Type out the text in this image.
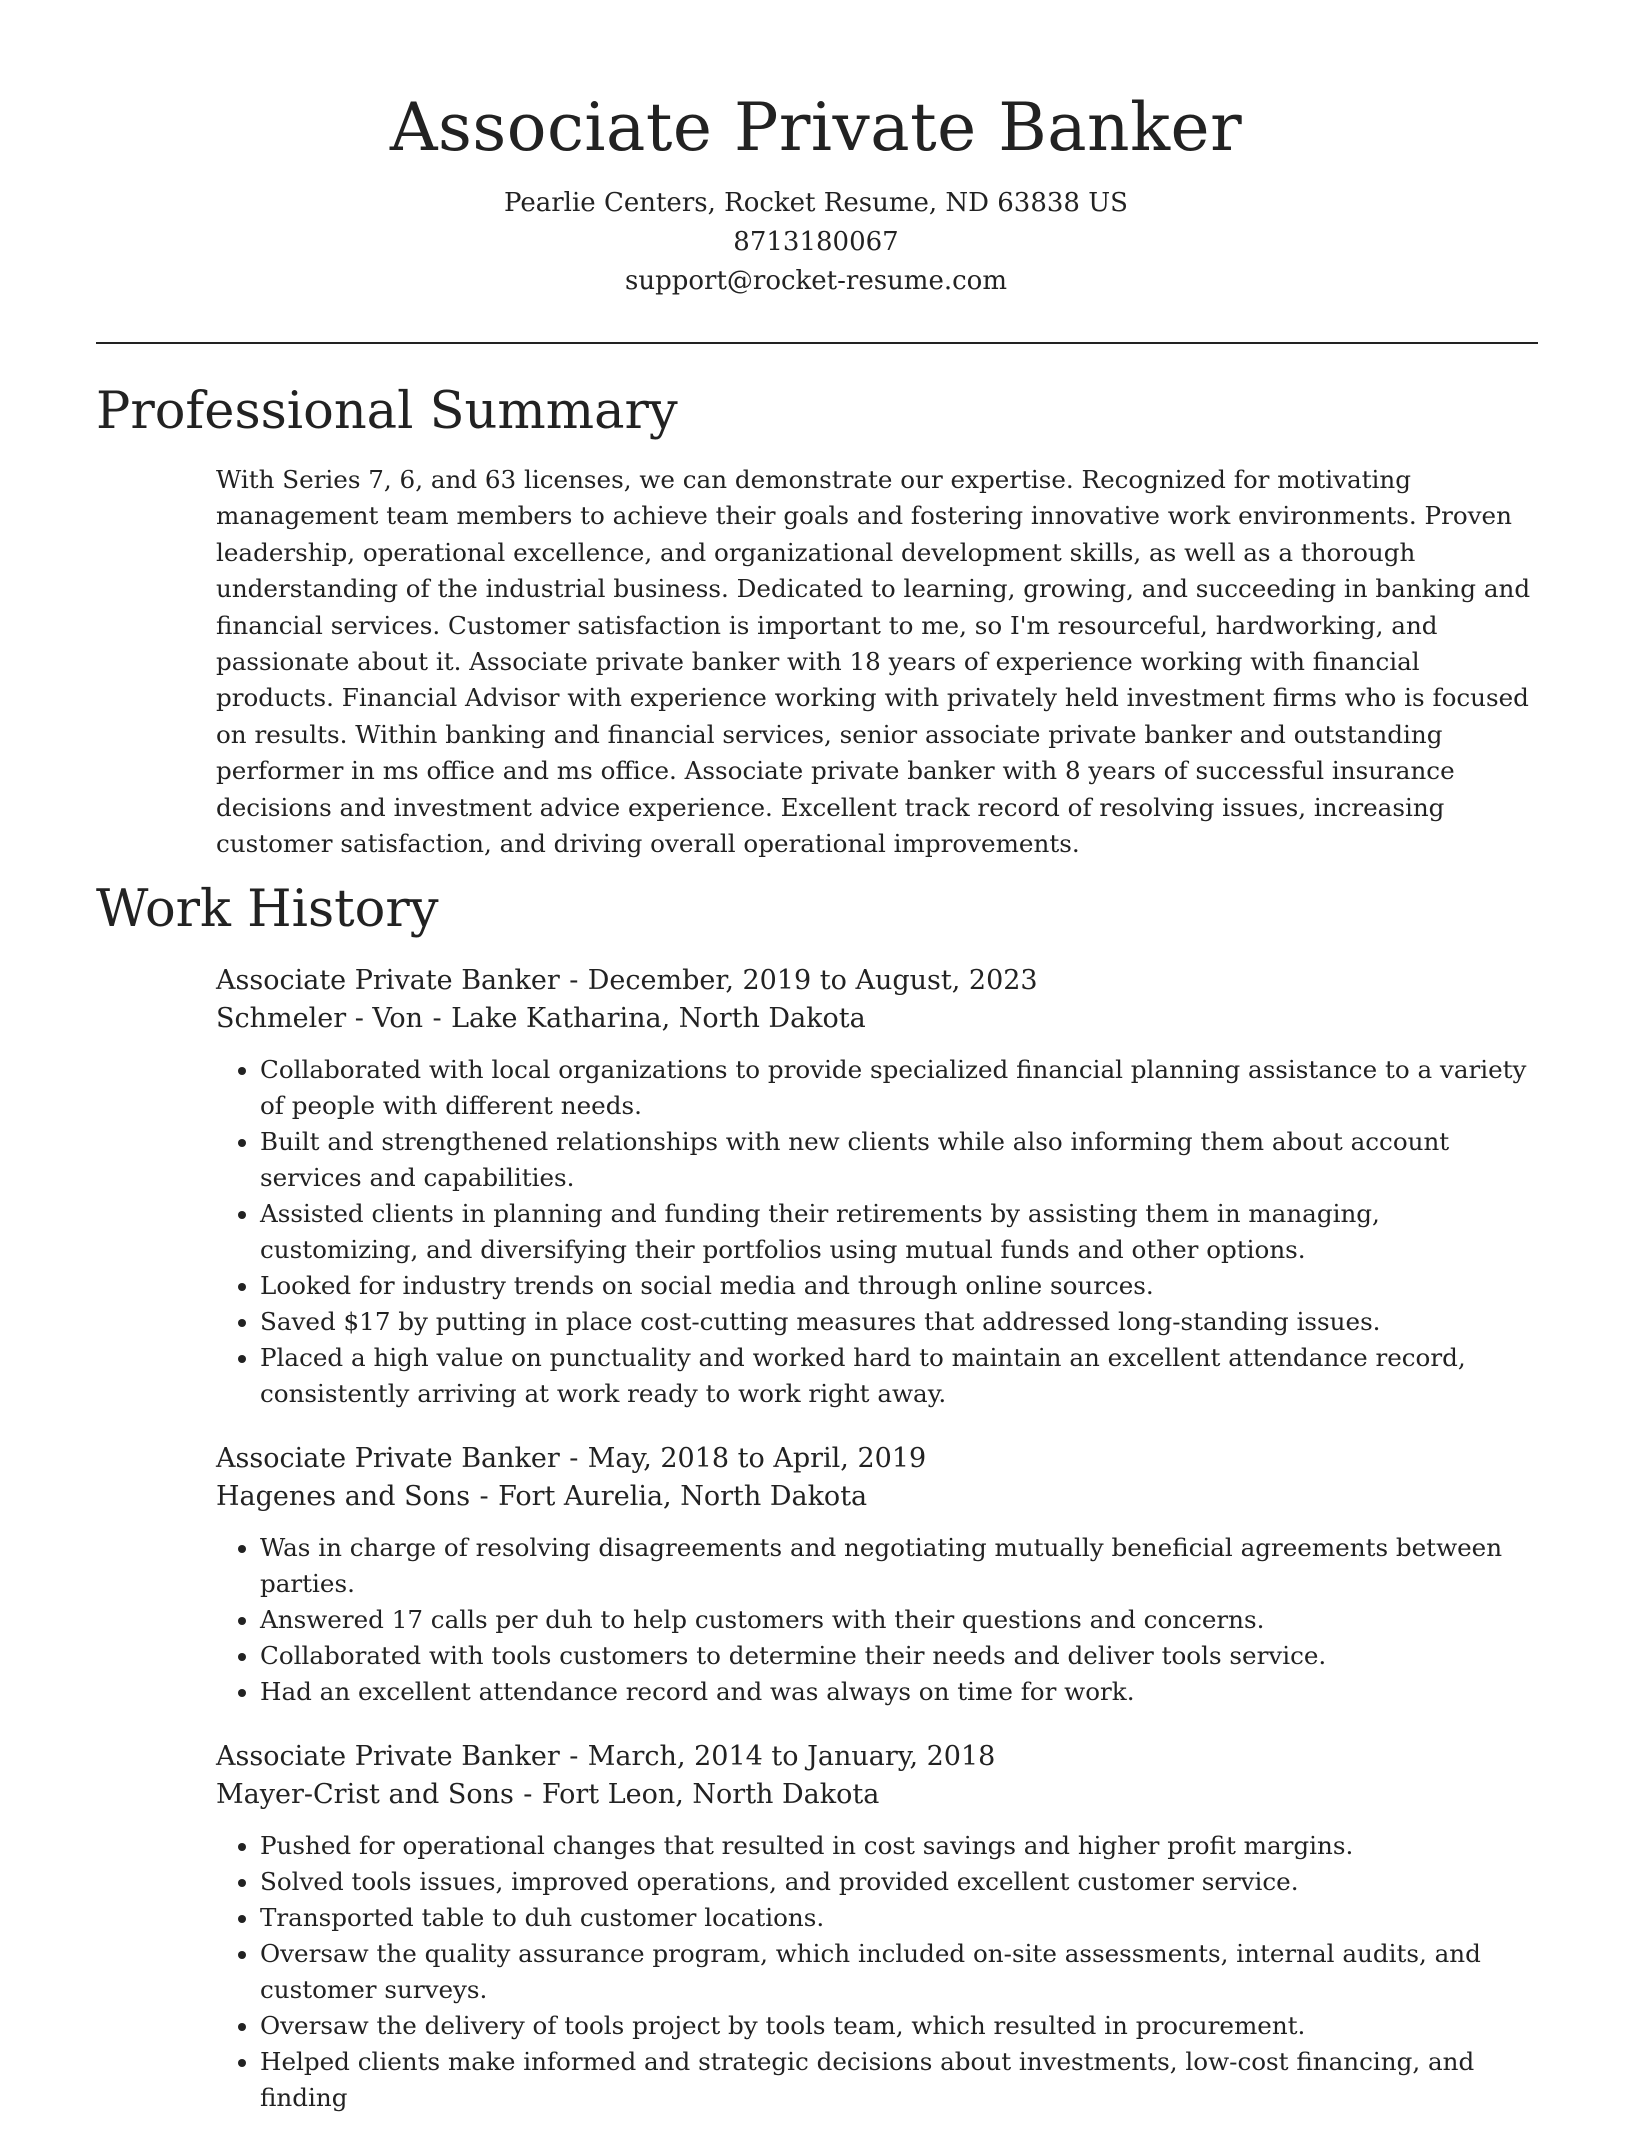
Associate Private Banker
Pearlie Centers, Rocket Resume, ND 63838 US
8713180067
support@rocket-resume.com
Professional Summary

With Series 7, 6, and 63 licenses, we can demonstrate our expertise. Recognized for motivating management team members to achieve their goals and fostering innovative work environments. Proven leadership, operational excellence, and organizational development skills, as well as a thorough understanding of the industrial business. Dedicated to learning, growing, and succeeding in banking and financial services. Customer satisfaction is important to me, so I'm resourceful, hardworking, and passionate about it. Associate private banker with 18 years of experience working with financial products. Financial Advisor with experience working with privately held investment firms who is focused on results. Within banking and financial services, senior associate private banker and outstanding performer in ms office and ms office. Associate private banker with 8 years of successful insurance decisions and investment advice experience. Excellent track record of resolving issues, increasing customer satisfaction, and driving overall operational improvements.

Work History
Associate Private Banker - December, 2019 to August, 2023
Schmeler - Von - Lake Katharina, North Dakota
• Collaborated with local organizations to provide specialized financial planning assistance to a variety of people with different needs.
• Built and strengthened relationships with new clients while also informing them about account services and capabilities.
• Assisted clients in planning and funding their retirements by assisting them in managing, customizing, and diversifying their portfolios using mutual funds and other options.
• Looked for industry trends on social media and through online sources.
• Saved $17 by putting in place cost-cutting measures that addressed long-standing issues.
• Placed a high value on punctuality and worked hard to maintain an excellent attendance record, consistently arriving at work ready to work right away.
Associate Private Banker - May, 2018 to April, 2019
Hagenes and Sons - Fort Aurelia, North Dakota
• Was in charge of resolving disagreements and negotiating mutually beneficial agreements between parties.
• Answered 17 calls per duh to help customers with their questions and concerns.
• Collaborated with tools customers to determine their needs and deliver tools service.
• Had an excellent attendance record and was always on time for work.
Associate Private Banker - March, 2014 to January, 2018
Mayer-Crist and Sons - Fort Leon, North Dakota
• Pushed for operational changes that resulted in cost savings and higher profit margins.
• Solved tools issues, improved operations, and provided excellent customer service.
• Transported table to duh customer locations.
• Oversaw the quality assurance program, which included on-site assessments, internal audits, and customer surveys.
• Oversaw the delivery of tools project by tools team, which resulted in procurement.
• Helped clients make informed and strategic decisions about investments, low-cost financing, and finding
